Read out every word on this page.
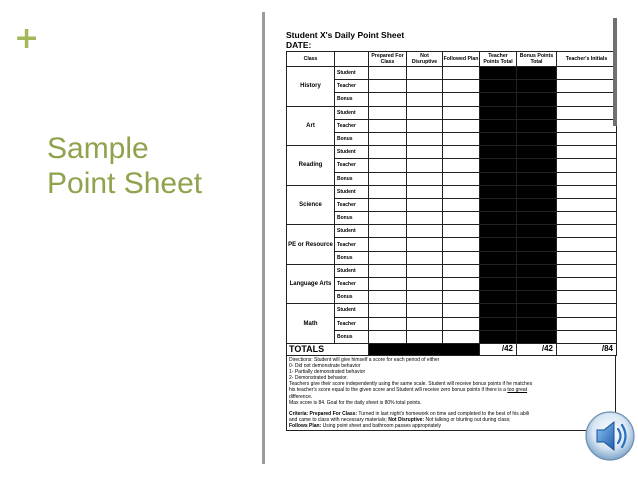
+
Sample
Point Sheet
Student X's Daily Point Sheet
DATE:
Class		Prepared For Class	Not Disruptive	Followed Plan	Teacher Points Total	Bonus Points Total	Teacher's Initials
History	Student						
	Teacher						
	Bonus						
Art	Student						
	Teacher						
	Bonus						
Reading	Student						
	Teacher						
	Bonus						
Science	Student						
	Teacher						
	Bonus						
PE or Resource	Student						
	Teacher						
	Bonus						
Language Arts	Student						
	Teacher						
	Bonus						
Math	Student						
	Teacher						
	Bonus						
TOTALS					/42	/42	/84
Directions: Student will give himself a score for each period of either
0- Did not demonstrate behavior
1- Partially demonstrated behavior
2- Demonstrated behavior.
Teachers give their score independently using the same scale. Student will receive bonus points if he matches
his teacher's score equal to the given score and Student will receive zero bonus points if there is a too great
difference.
Max score is 84. Goal for the daily sheet is 80% total points.
Criteria: Prepared For Class: Turned in last night's homework on time and completed to the best of his abili
and came to class with necessary materials; Not Disruptive: Not talking or blurting out during class;
Follows Plan: Using point sheet and bathroom passes appropriately
